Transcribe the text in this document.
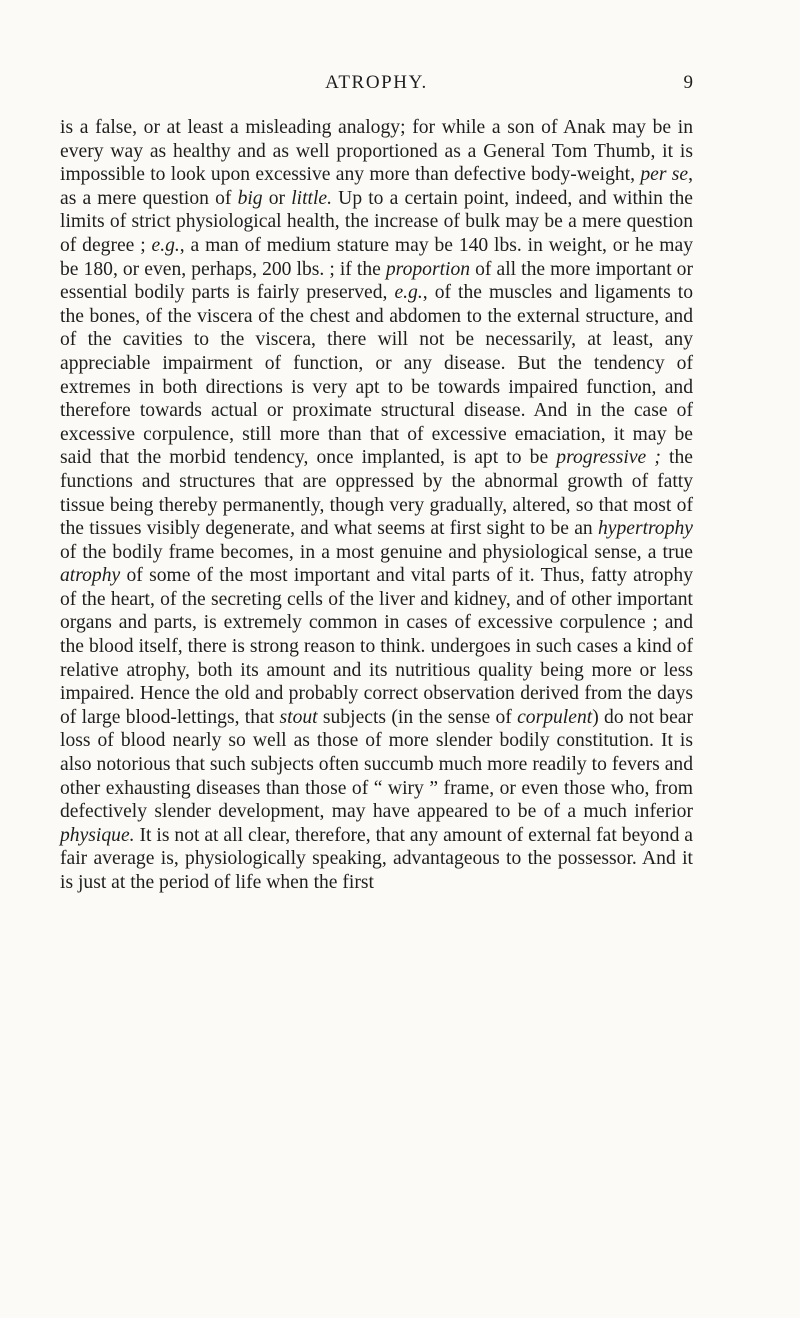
ATROPHY.	9

is a false, or at least a misleading analogy; for while a son of Anak may be in every way as healthy and as well proportioned as a General Tom Thumb, it is impossible to look upon excessive any more than defective body-weight, per se, as a mere question of big or little. Up to a certain point, indeed, and within the limits of strict physiological health, the increase of bulk may be a mere question of degree ; e.g., a man of medium stature may be 140 lbs. in weight, or he may be 180, or even, perhaps, 200 lbs. ; if the proportion of all the more important or essential bodily parts is fairly preserved, e.g., of the muscles and ligaments to the bones, of the viscera of the chest and abdomen to the external structure, and of the cavities to the viscera, there will not be necessarily, at least, any appreciable impairment of function, or any disease. But the tendency of extremes in both directions is very apt to be towards impaired function, and therefore towards actual or proximate structural disease. And in the case of excessive corpulence, still more than that of excessive emaciation, it may be said that the morbid tendency, once implanted, is apt to be progressive ; the functions and structures that are oppressed by the abnormal growth of fatty tissue being thereby permanently, though very gradually, altered, so that most of the tissues visibly degenerate, and what seems at first sight to be an hypertrophy of the bodily frame becomes, in a most genuine and physiological sense, a true atrophy of some of the most important and vital parts of it. Thus, fatty atrophy of the heart, of the secreting cells of the liver and kidney, and of other important organs and parts, is extremely common in cases of excessive corpulence ; and the blood itself, there is strong reason to think. undergoes in such cases a kind of relative atrophy, both its amount and its nutritious quality being more or less impaired. Hence the old and probably correct observation derived from the days of large blood-lettings, that stout subjects (in the sense of corpulent) do not bear loss of blood nearly so well as those of more slender bodily constitution. It is also notorious that such subjects often succumb much more readily to fevers and other exhausting diseases than those of “ wiry ” frame, or even those who, from defectively slender development, may have appeared to be of a much inferior physique. It is not at all clear, therefore, that any amount of external fat beyond a fair average is, physiologically speaking, advantageous to the possessor. And it is just at the period of life when the first
